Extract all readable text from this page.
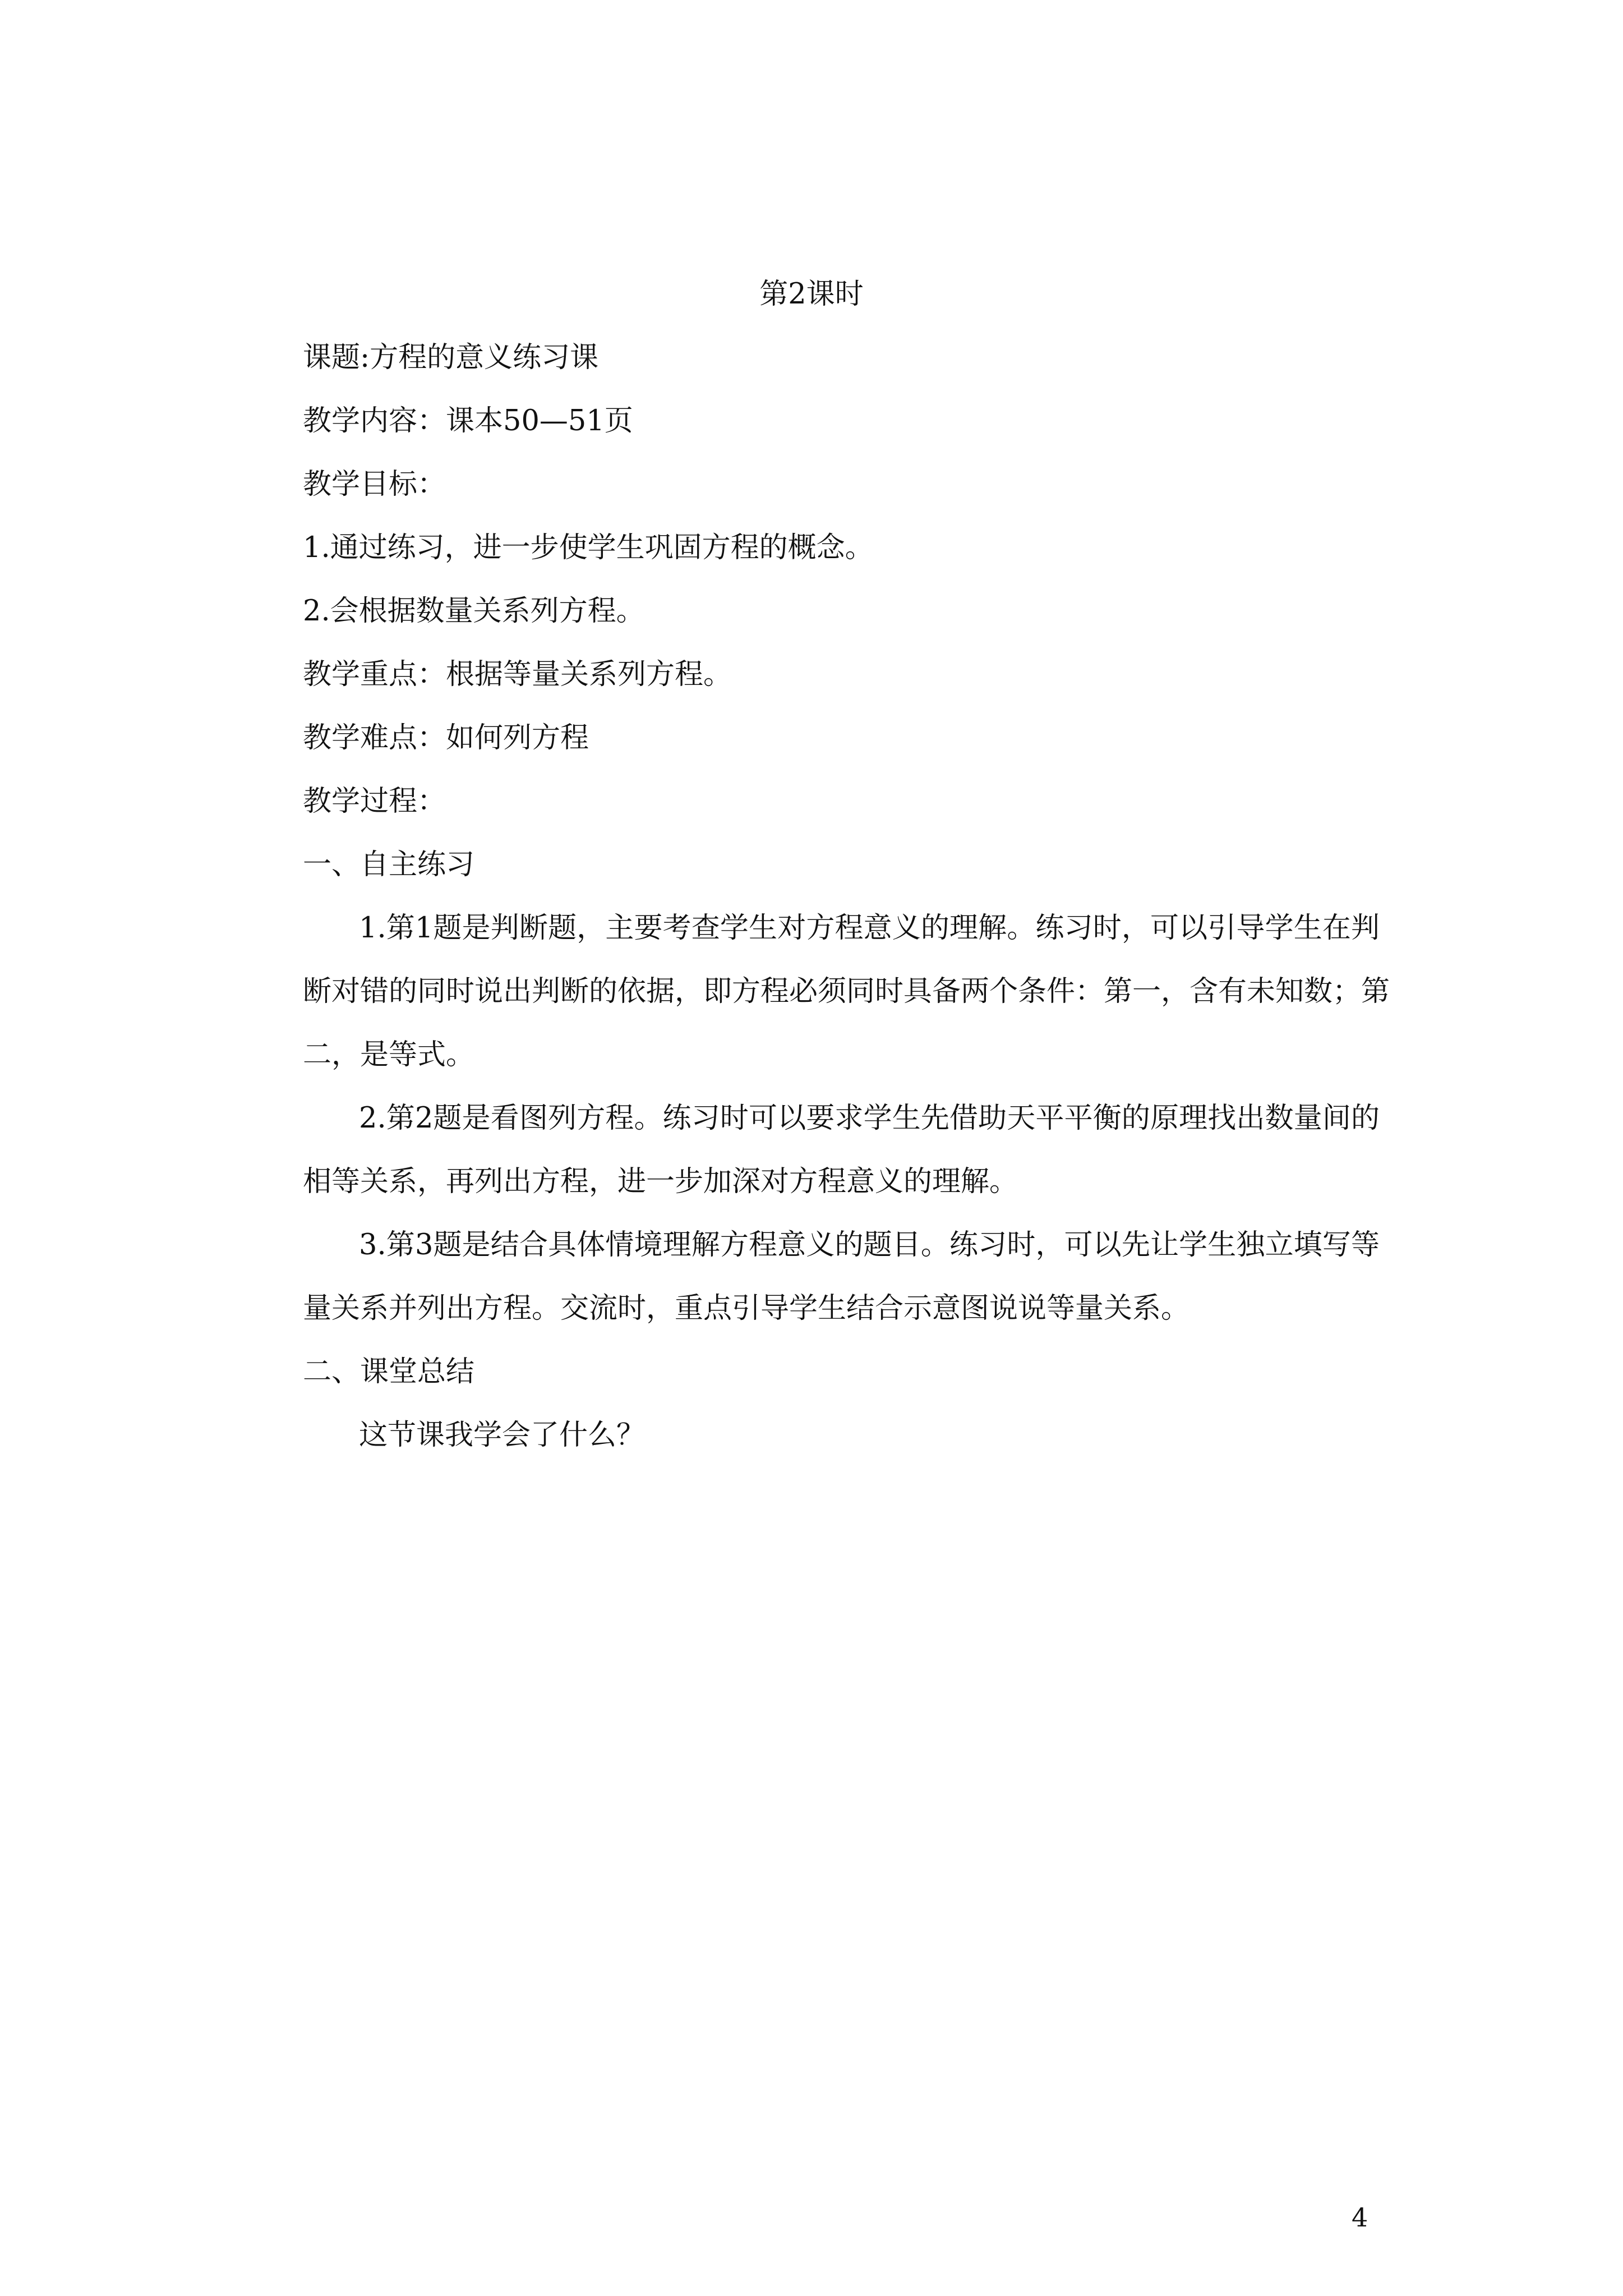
第2课时
课题:方程的意义练习课
教学内容：课本50—51页
教学目标：
1.通过练习，进一步使学生巩固方程的概念。
2.会根据数量关系列方程。
教学重点：根据等量关系列方程。
教学难点：如何列方程
教学过程：
一、自主练习
1.第1题是判断题，主要考查学生对方程意义的理解。练习时，可以引导学生在判
断对错的同时说出判断的依据，即方程必须同时具备两个条件：第一，含有未知数；第
二，是等式。
2.第2题是看图列方程。练习时可以要求学生先借助天平平衡的原理找出数量间的
相等关系，再列出方程，进一步加深对方程意义的理解。
3.第3题是结合具体情境理解方程意义的题目。练习时，可以先让学生独立填写等
量关系并列出方程。交流时，重点引导学生结合示意图说说等量关系。
二、课堂总结
这节课我学会了什么？
4
